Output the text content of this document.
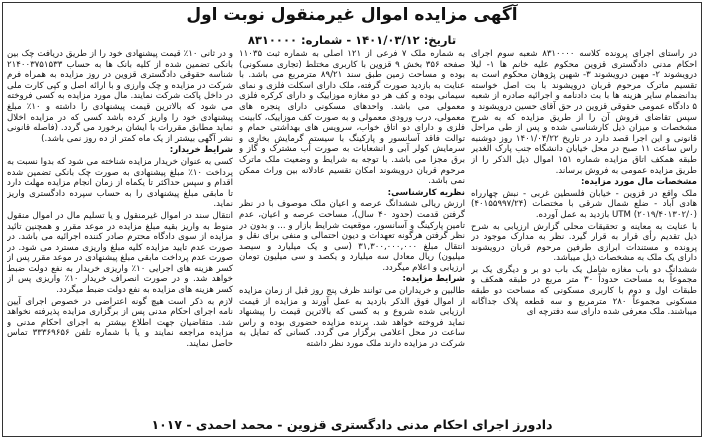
آگهی مزایده اموال غیرمنقول نوبت اول
تاریخ: ۱۴۰۱/۰۳/۱۲ - شماره: ۸۳۱۰۰۰۰

در راستای اجرای پرونده کلاسه ۸۳۱۰۰۰۰ شعبه سوم اجرای احکام مدنی دادگستری قزوین محکوم علیه خانم ها ۱- لیلا درویشوند ۲- مهین درویشوند ۳- شهین پژوهان محکوم است به تقسیم ماترک مرحوم قربان درویشوند با بت اصل خواسته بدانضمام سایر هزینه ها با بت دادنامه و اجرائیه صادره از شعبه ۵ دادگاه عمومی حقوقی قزوین در حق آقای حسین درویشوند و سپس تقاضای فروش آن را از طریق مزایده که به شرح مشخصات و میزان ذیل کارشناسی شده و پس از طی مراحل قانونی و این اجرا قصد دارد در تاریخ ۱۴۰۱/۰۴/۲۲ روز دوشنبه راس ساعت ۱۱ صبح در محل خیابان دانشگاه جنب پارک الغدیر طبقه همکف اتاق مزایده شماره ۱۵۱ اموال ذیل الذکر را از طریق مزایده عمومی به فروش برساند.

مشخصات مال مورد مزایده:

ملک واقع در قزوین - خیابان فلسطین غربی - نبش چهارراه هادی آباد - ضلع شمال شرقی با مختصات (۴۰۱۵۵۹۹۷/۲۴) (۲۰۱۹/۴۰۱۳۰۲/۰) UTM بازدید به عمل آورده.

با عنایت به معاینه و تحقیقات محلی گزارش ارزیابی به شرح ذیل تقدیم رأی قرار به قرار گیرد. نظر به مدارک موجود در پرونده و مستندات ابرازی طرفین مرحوم قربان درویشوند دارای یک ملک به مشخصات ذیل میباشد.

ششدانگ دو باب مغازه شامل یک باب دو بر و دیگری یک بر مجموعاً به مساحت حدوداً ۳۰ متر مربع در طبقه همکف و طبقات اول و دوم با کاربری مسکونی که مساحت دو طبقه مسکونی مجموعاً ۲۸۰ مترمربع و سه قطعه پلاک جداگانه میباشند. ملک معرفی شده دارای سه دفترچه ای

به شماره ملک ۷ فرعی از ۱۲۱ اصلی به شماره ثبت ۱۱۰۳۵ صفحه ۳۵۶ بخش ۹ قزوین با کاربری مختلط (تجاری مسکونی) بوده و مساحت زمین طبق سند ۸۹/۲۱ مترمربع می باشد. با عنایت به بازدید صورت گرفته، ملک دارای اسکلت فلزی و نمای سیمانی بوده و کف هر دو مغازه موزاییک و دارای کرکره فلزی معمولی می باشد. واحدهای مسکونی دارای پنجره های معمولی، درب ورودی معمولی و به صورت کف موزاییک، کابینت فلزی و دارای دو اتاق خواب، سرویس های بهداشتی حمام و توالت فاقد آسانسور و پارکینگ با سیستم گرمایش بخاری و سرمایش کولر آبی و انشعابات به صورت آب مشترک و گاز و برق مجزا می باشد. با توجه به شرایط و وضعیت ملک ماترک مرحوم قربان درویشوند امکان تقسیم عادلانه بین وراث ممکن نمی باشد.

نظریه کارشناسی:

ارزش ریالی ششدانگ عرصه و اعیان ملک موصوف با در نظر گرفتن قدمت (حدود ۴۰ سال)، مساحت عرصه و اعیان، عدم تامین پارکینگ و آسانسور، موقعیت شرایط بازار و ... و بدون در نظر گرفتن هرگونه تعهدات و دیون احتمالی و منفی برای نقل و انتقال مبلغ ۳۱,۳۰۰,۰۰۰,۰۰۰ (سی و یک میلیارد و سیصد میلیون) ریال معادل سه میلیارد و یکصد و سی میلیون تومان ارزیابی و اعلام میگردد.

شرایط مزایده:

طالبین و خریداران می توانند ظرف پنج روز قبل از زمان مزایده از اموال فوق الذکر بازدید به عمل آورند و مزایده از قیمت ارزیابی شده شروع و به کسی که بالاترین قیمت را پیشنهاد نماید فروخته خواهد شد. برنده مزایده حضوری بوده و راس ساعت در محل اعلامی برگزار می گردد. کسانی که تمایل به شرکت در مزایده دارند ملک مورد نظر داشته

و در ثانی ۱۰٪ قیمت پیشنهادی خود را از طریق دریافت چک بین بانکی تضمین شده از کلیه بانک ها به حساب ۲۱۴۰۰۳۷۵۱۵۳۳ شناسه حقوقی دادگستری قزوین در روز مزایده به همراه فرم شرکت در مزایده و چک وارزی و با ارائه اصل و کپی کارت ملی در داخل پاکت شرکت نمایند. مال مورد مزایده به کسی فروخته می شود که بالاترین قیمت پیشنهادی را داشته و ۱۰٪ مبلغ پیشنهادی خود را واریز کرده باشد کسی که در مزایده اخلال نماید مطابق مقررات با ایشان برخورد می گردد. (فاصله قانونی نشر آگهی بیشتر از یک ماه کمتر از ده روز نمی باشد.)

شرایط خریدار:

کسی به عنوان خریدار مزایده شناخته می شود که بدوا نسبت به پرداخت ۱۰٪ مبلغ پیشنهادی به صورت چک بانکی تضمین شده اقدام و سپس حداکثر تا یکماه از زمان انجام مزایده مهلت دارد تا مابقی مبلغ پیشنهادی را به حساب سپرده دادگستری واریز نماید.

انتقال سند در اموال غیرمنقول و یا تسلیم مال در اموال منقول منوط به واریز بقیه مبلغ مزایده در موعد مقرر و همچنین تائید مزایده از سوی دادگاه محترم صادر کننده اجرائیه می باشد. در صورت عدم تایید مزایده کلیه مبلغ واریزی مسترد می شود. در صورت عدم پرداخت مابقی مبلغ پیشنهادی در موعد مقرر پس از کسر هزینه های اجرایی ۱۰٪ واریزی خریدار به نفع دولت ضبط خواهد شد. و در صورت انصراف خریدار ۱۰٪ واریزی پس از کسر هزینه های مزایده به نفع دولت ضبط میگردد.

لازم به ذکر است هیچ گونه اعتراضی در خصوص اجرای آیین نامه اجرای احکام مدنی پس از برگزاری مزایده پذیرفته نخواهد شد. متقاضیان جهت اطلاع بیشتر به اجرای احکام مدنی و مزایده مراجعه نمایند و یا با شماره تلفن ۳۳۳۶۹۶۵۶ تماس حاصل نمایند.

دادورز اجرای احکام مدنی دادگستری قزوین - محمد احمدی - ۱۰۱۷
